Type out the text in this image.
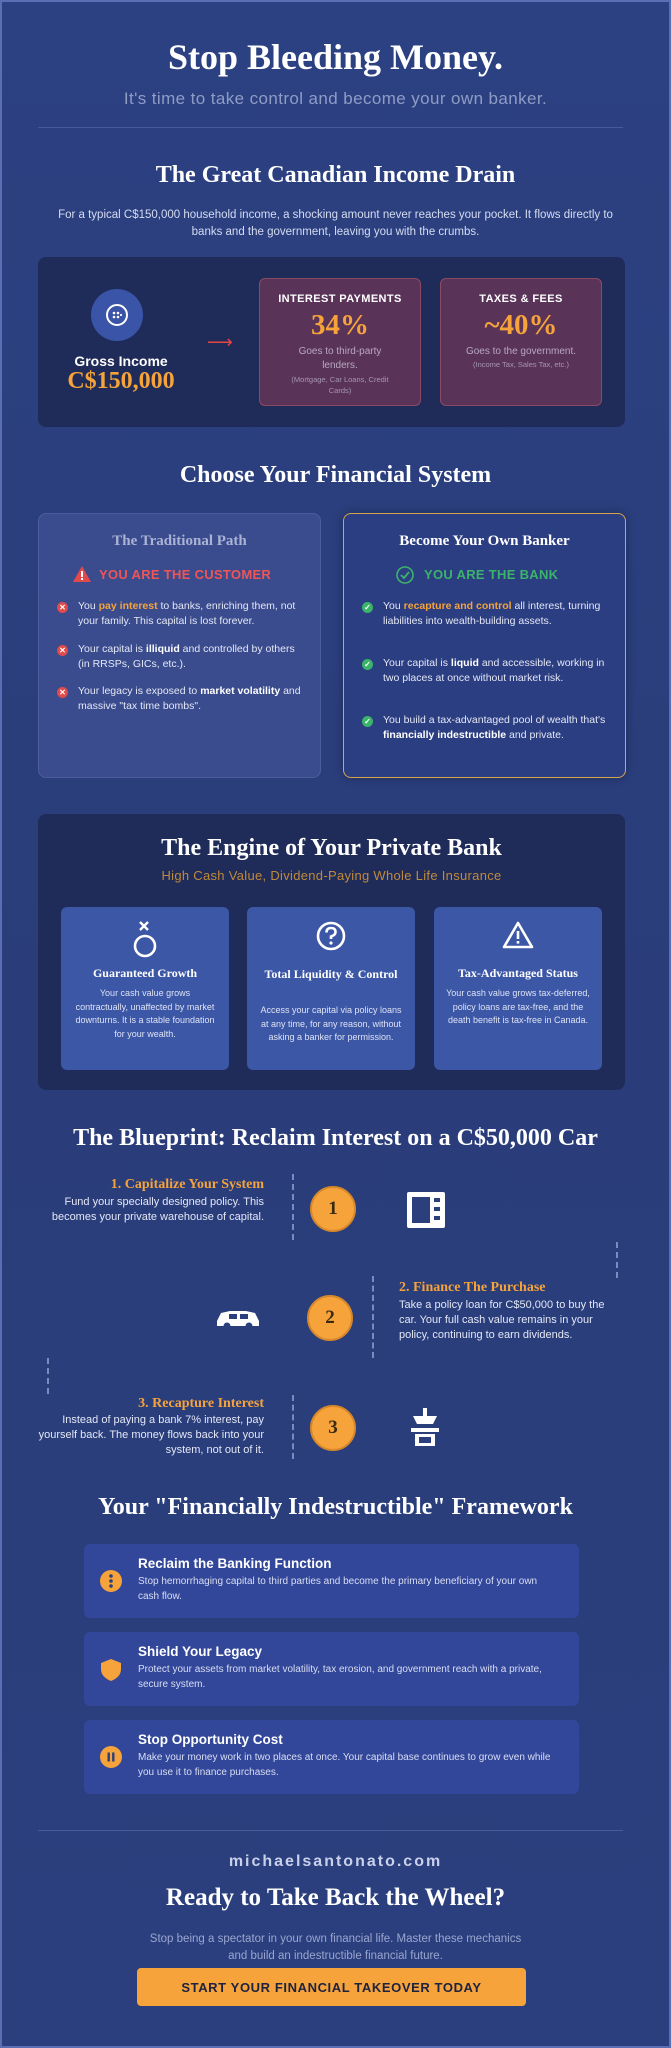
Stop Bleeding Money.
It's time to take control and become your own banker.
The Great Canadian Income Drain
For a typical C$150,000 household income, a shocking amount never reaches your pocket. It flows directly to banks and the government, leaving you with the crumbs.
Gross Income
C$150,000
⟶
INTEREST PAYMENTS
34%
Goes to third-party lenders.
(Mortgage, Car Loans, Credit Cards)
TAXES & FEES
~40%
Goes to the government.
(Income Tax, Sales Tax, etc.)
Choose Your Financial System
The Traditional Path
YOU ARE THE CUSTOMER
✕ You pay interest to banks, enriching them, not your family. This capital is lost forever.
✕ Your capital is illiquid and controlled by others (in RRSPs, GICs, etc.).
✕ Your legacy is exposed to market volatility and massive "tax time bombs".
Become Your Own Banker
YOU ARE THE BANK
✓ You recapture and control all interest, turning liabilities into wealth-building assets.
✓ Your capital is liquid and accessible, working in two places at once without market risk.
✓ You build a tax-advantaged pool of wealth that's financially indestructible and private.
The Engine of Your Private Bank
High Cash Value, Dividend-Paying Whole Life Insurance
Guaranteed Growth
Your cash value grows contractually, unaffected by market downturns. It is a stable foundation for your wealth.
Total Liquidity & Control
Access your capital via policy loans at any time, for any reason, without asking a banker for permission.
Tax-Advantaged Status
Your cash value grows tax-deferred, policy loans are tax-free, and the death benefit is tax-free in Canada.
The Blueprint: Reclaim Interest on a C$50,000 Car
1. Capitalize Your System
Fund your specially designed policy. This becomes your private warehouse of capital.	1
2
2. Finance The Purchase
Take a policy loan for C$50,000 to buy the car. Your full cash value remains in your policy, continuing to earn dividends.
3. Recapture Interest
Instead of paying a bank 7% interest, pay yourself back. The money flows back into your system, not out of it.
3
Your "Financially Indestructible" Framework
Reclaim the Banking Function
Stop hemorrhaging capital to third parties and become the primary beneficiary of your own cash flow.
Shield Your Legacy
Protect your assets from market volatility, tax erosion, and government reach with a private, secure system.
Stop Opportunity Cost
Make your money work in two places at once. Your capital base continues to grow even while you use it to finance purchases.
michaelsantonato.com
Ready to Take Back the Wheel?
Stop being a spectator in your own financial life. Master these mechanics
and build an indestructible financial future.
START YOUR FINANCIAL TAKEOVER TODAY
